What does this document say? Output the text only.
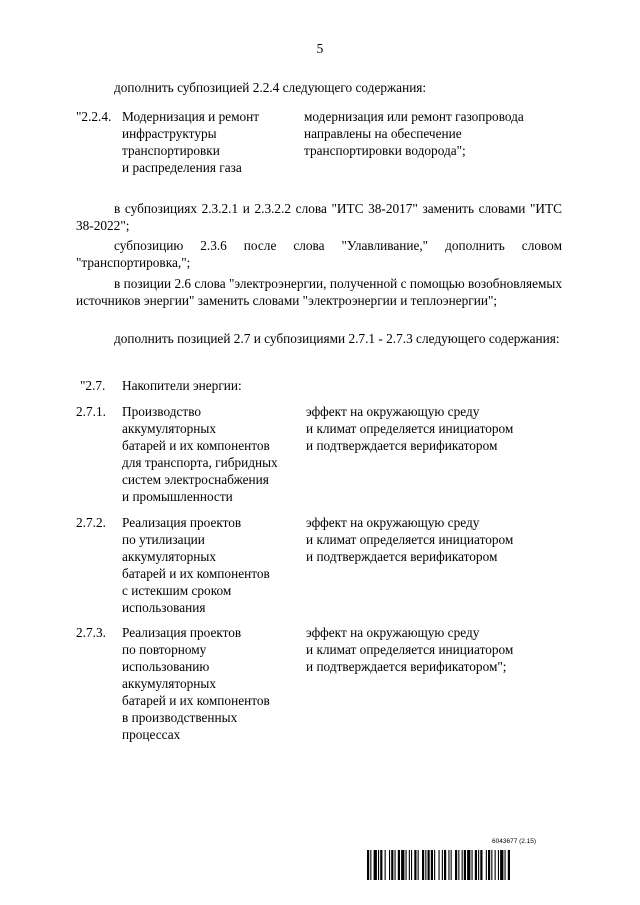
5
дополнить субпозицией 2.2.4 следующего содержания:
"2.2.4. Модернизация и ремонт
инфраструктуры
транспортировки
и распределения газа
модернизация или ремонт газопровода
направлены на обеспечение
транспортировки водорода";
в субпозициях 2.3.2.1 и 2.3.2.2 слова "ИТС 38-2017" заменить словами "ИТС 38-2022";
субпозицию 2.3.6 после слова "Улавливание," дополнить словом "транспортировка,";
в позиции 2.6 слова "электроэнергии, полученной с помощью возобновляемых источников энергии" заменить словами "электроэнергии и теплоэнергии";
дополнить позицией 2.7 и субпозициями 2.7.1 - 2.7.3 следующего содержания:
"2.7. Накопители энергии:
2.7.1. Производство
аккумуляторных
батарей и их компонентов
для транспорта, гибридных
систем электроснабжения
и промышленности
эффект на окружающую среду
и климат определяется инициатором
и подтверждается верификатором
2.7.2. Реализация проектов
по утилизации
аккумуляторных
батарей и их компонентов
с истекшим сроком
использования
эффект на окружающую среду
и климат определяется инициатором
и подтверждается верификатором
2.7.3. Реализация проектов
по повторному
использованию
аккумуляторных
батарей и их компонентов
в производственных
процессах
эффект на окружающую среду
и климат определяется инициатором
и подтверждается верификатором";
6043677 (2.15)
